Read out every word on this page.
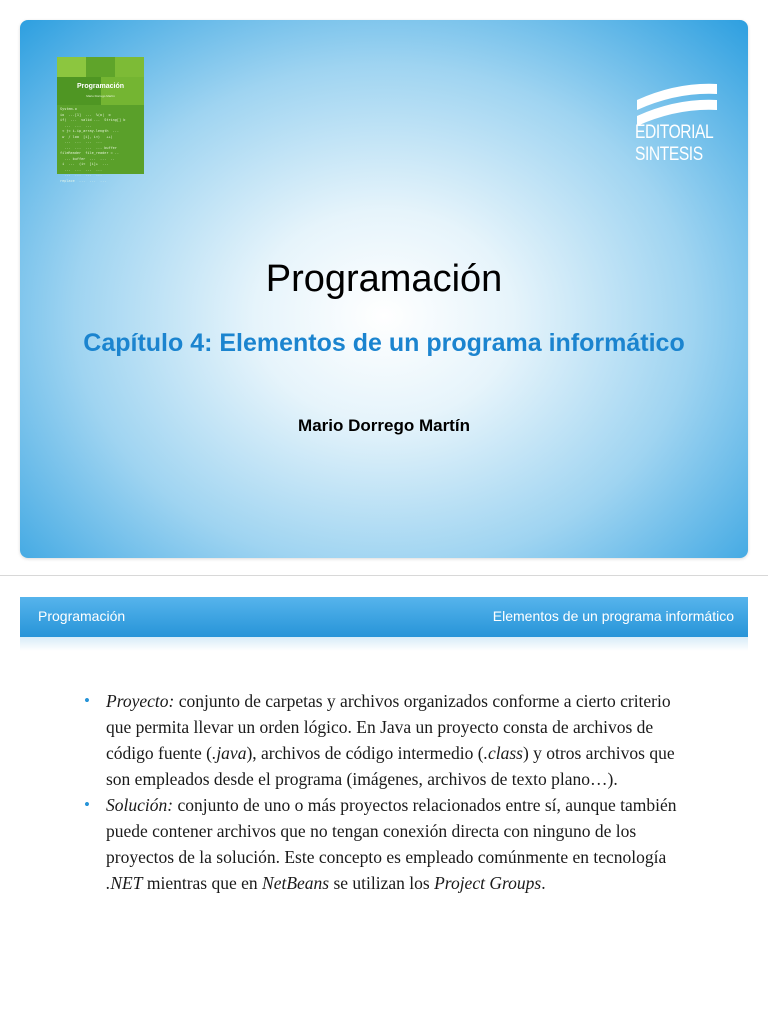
Programación
Mario Dorrego Martín
System.o
io  ...[1]  ...  %(o|  o
if(  ...  valid ...  String[] b
...  ...  ...
< j< i.ip_array.length  ...
w  / loo  [i], i<)   ++)
...  ...  ...  ...
...  ...  ...  ... buffer
fileReader  file_reader = ..
... buffer  ...  ...  ..
i  ...  (i<  [i]+  ...
...  ...  ...  ...
...  ...  ...  ...
replace  ...  ...  ...
EDITORIAL
SINTESIS
Programación
Capítulo 4: Elementos de un programa informático
Mario Dorrego Martín
Programación	Elementos de un programa informático

• Proyecto: conjunto de carpetas y archivos organizados conforme a cierto criterio que permita llevar un orden lógico. En Java un proyecto consta de archivos de código fuente (.java), archivos de código intermedio (.class) y otros archivos que son empleados desde el programa (imágenes, archivos de texto plano…).

• Solución: conjunto de uno o más proyectos relacionados entre sí, aunque también puede contener archivos que no tengan conexión directa con ninguno de los proyectos de la solución. Este concepto es empleado comúnmente en tecnología .NET mientras que en NetBeans se utilizan los Project Groups.
